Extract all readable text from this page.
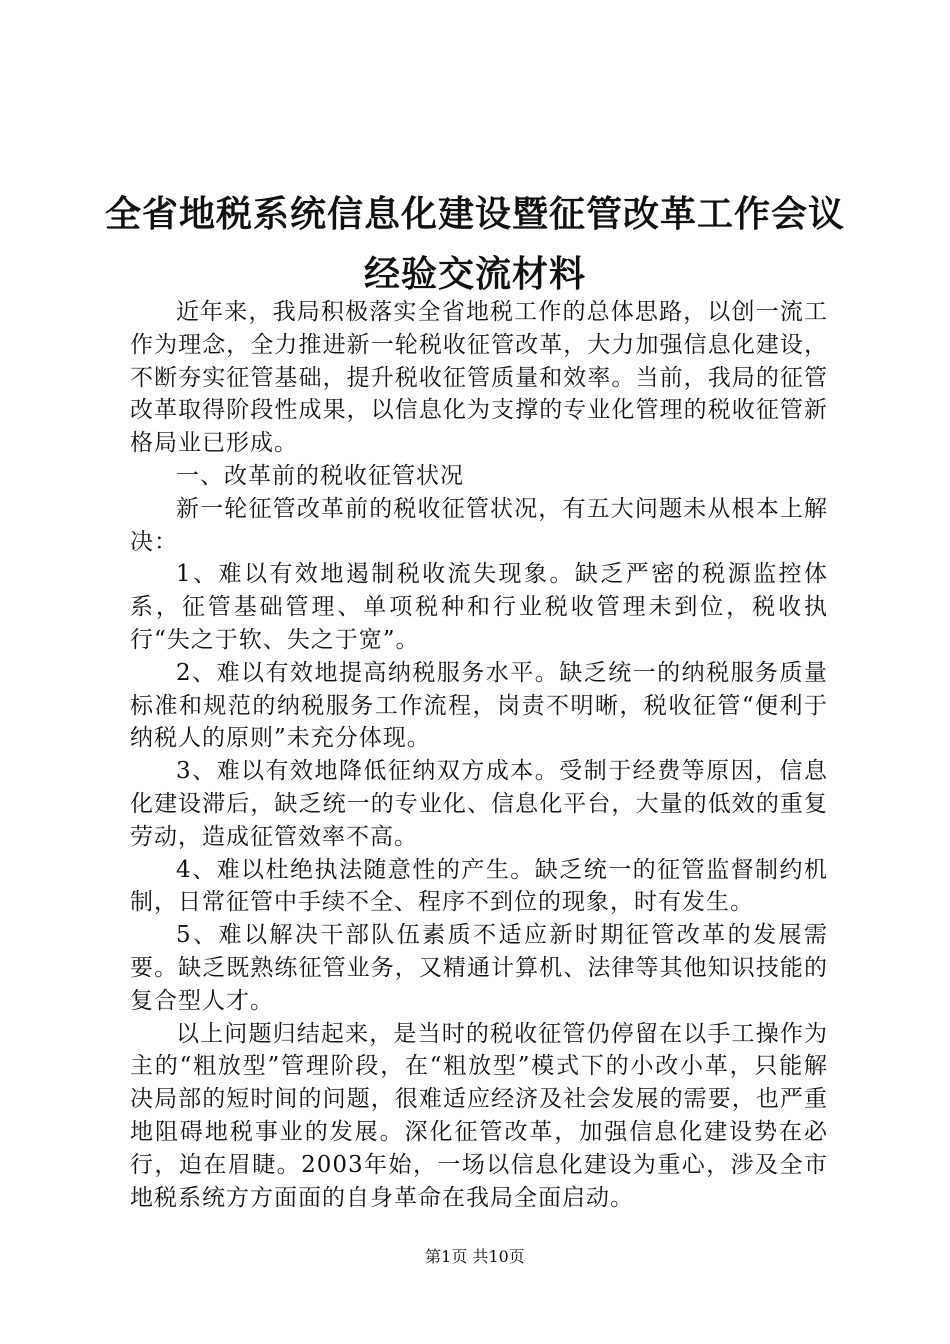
全省地税系统信息化建设暨征管改革工作会议
经验交流材料

近年来，我局积极落实全省地税工作的总体思路，以创一流工作为理念，全力推进新一轮税收征管改革，大力加强信息化建设，不断夯实征管基础，提升税收征管质量和效率。当前，我局的征管改革取得阶段性成果，以信息化为支撑的专业化管理的税收征管新格局业已形成。

一、改革前的税收征管状况

新一轮征管改革前的税收征管状况，有五大问题未从根本上解决：

1、难以有效地遏制税收流失现象。缺乏严密的税源监控体系，征管基础管理、单项税种和行业税收管理未到位，税收执行“失之于软、失之于宽”。

2、难以有效地提高纳税服务水平。缺乏统一的纳税服务质量标准和规范的纳税服务工作流程，岗责不明晰，税收征管“便利于纳税人的原则”未充分体现。

3、难以有效地降低征纳双方成本。受制于经费等原因，信息化建设滞后，缺乏统一的专业化、信息化平台，大量的低效的重复劳动，造成征管效率不高。

4、难以杜绝执法随意性的产生。缺乏统一的征管监督制约机制，日常征管中手续不全、程序不到位的现象，时有发生。

5、难以解决干部队伍素质不适应新时期征管改革的发展需要。缺乏既熟练征管业务，又精通计算机、法律等其他知识技能的复合型人才。

以上问题归结起来，是当时的税收征管仍停留在以手工操作为主的“粗放型”管理阶段，在“粗放型”模式下的小改小革，只能解决局部的短时间的问题，很难适应经济及社会发展的需要，也严重地阻碍地税事业的发展。深化征管改革，加强信息化建设势在必行，迫在眉睫。2003年始，一场以信息化建设为重心，涉及全市地税系统方方面面的自身革命在我局全面启动。

第1页 共10页
